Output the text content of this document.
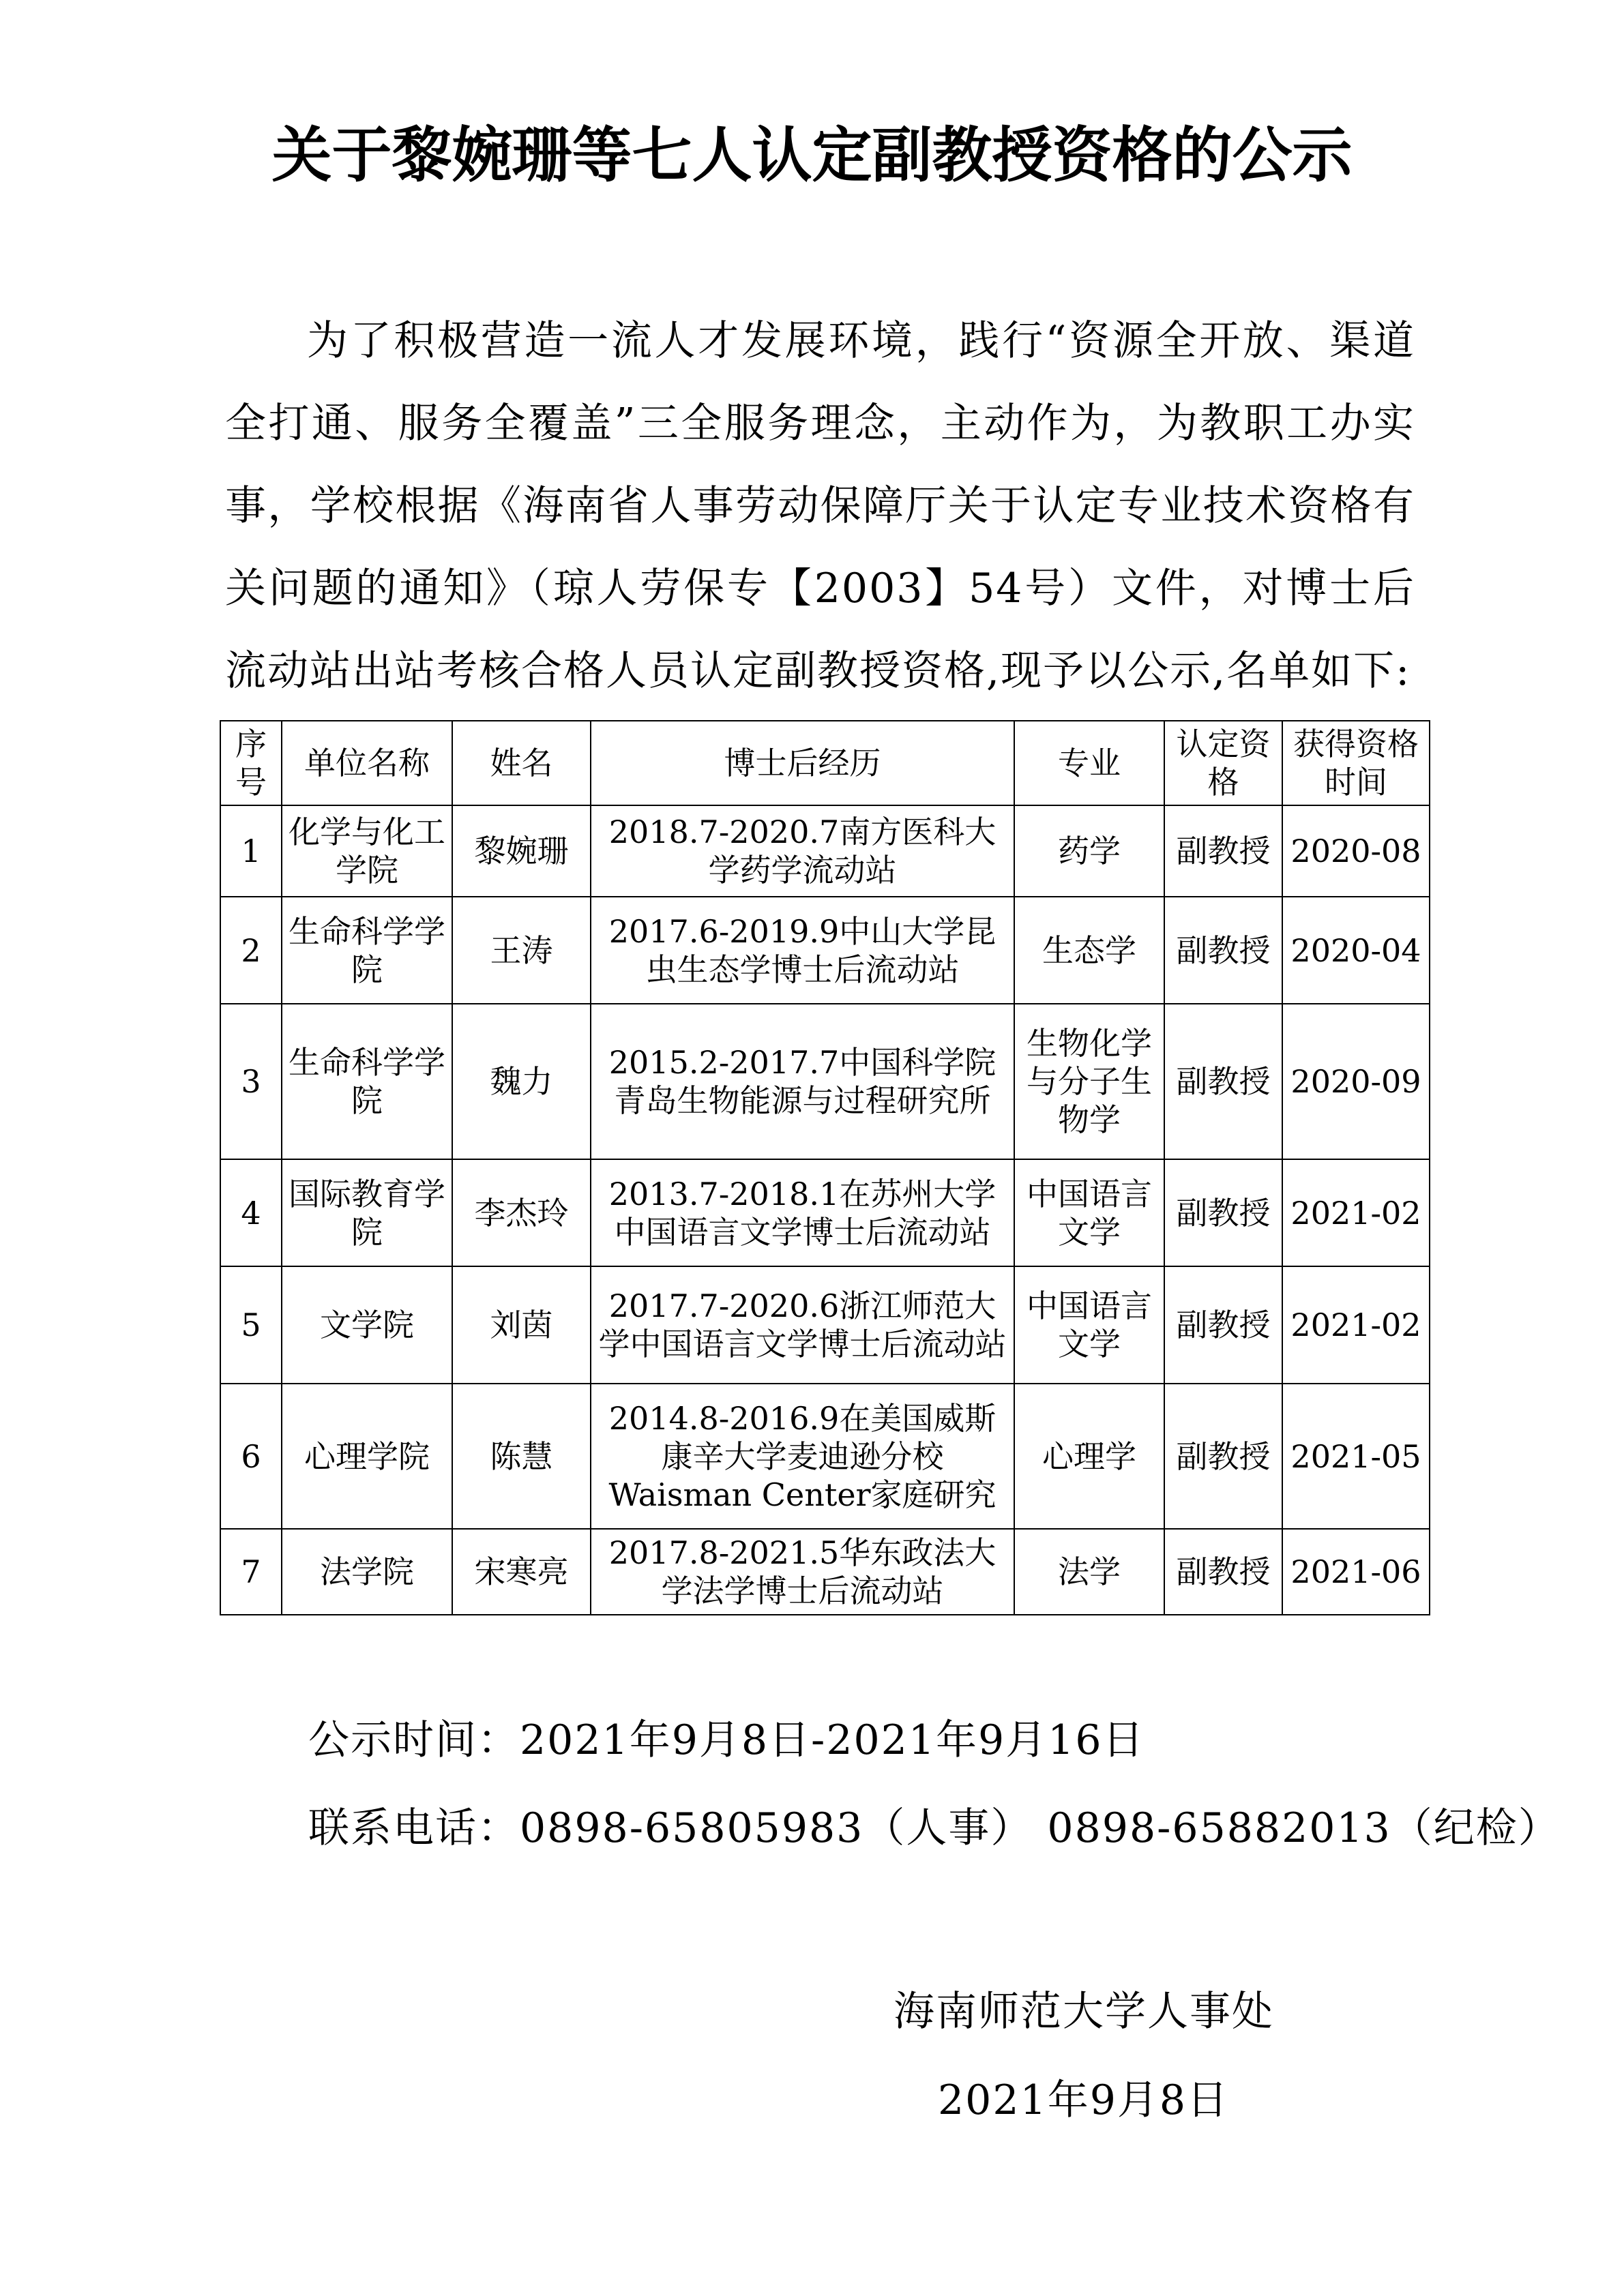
关于黎婉珊等七人认定副教授资格的公示
为了积极营造一流人才发展环境，践行“资源全开放、渠道全打通、服务全覆盖”三全服务理念，主动作为，为教职工办实事，学校根据《海南省人事劳动保障厅关于认定专业技术资格有关问题的通知》（琼人劳保专【2003】54号）文件，对博士后流动站出站考核合格人员认定副教授资格,现予以公示,名单如下:
序号	单位名称	姓名	博士后经历	专业	认定资格	获得资格时间
1	化学与化工学院	黎婉珊	2018.7-2020.7南方医科大学药学流动站	药学	副教授	2020-08
2	生命科学学院	王涛	2017.6-2019.9中山大学昆虫生态学博士后流动站	生态学	副教授	2020-04
3	生命科学学院	魏力	2015.2-2017.7中国科学院青岛生物能源与过程研究所	生物化学与分子生物学	副教授	2020-09
4	国际教育学院	李杰玲	2013.7-2018.1在苏州大学中国语言文学博士后流动站	中国语言文学	副教授	2021-02
5	文学院	刘茵	2017.7-2020.6浙江师范大学中国语言文学博士后流动站	中国语言文学	副教授	2021-02
6	心理学院	陈慧	2014.8-2016.9在美国威斯康辛大学麦迪逊分校Waisman Center家庭研究	心理学	副教授	2021-05
7	法学院	宋寒亮	2017.8-2021.5华东政法大学法学博士后流动站	法学	副教授	2021-06
公示时间：2021年9月8日-2021年9月16日
联系电话：0898-65805983（人事） 0898-65882013（纪检）
海南师范大学人事处
2021年9月8日
